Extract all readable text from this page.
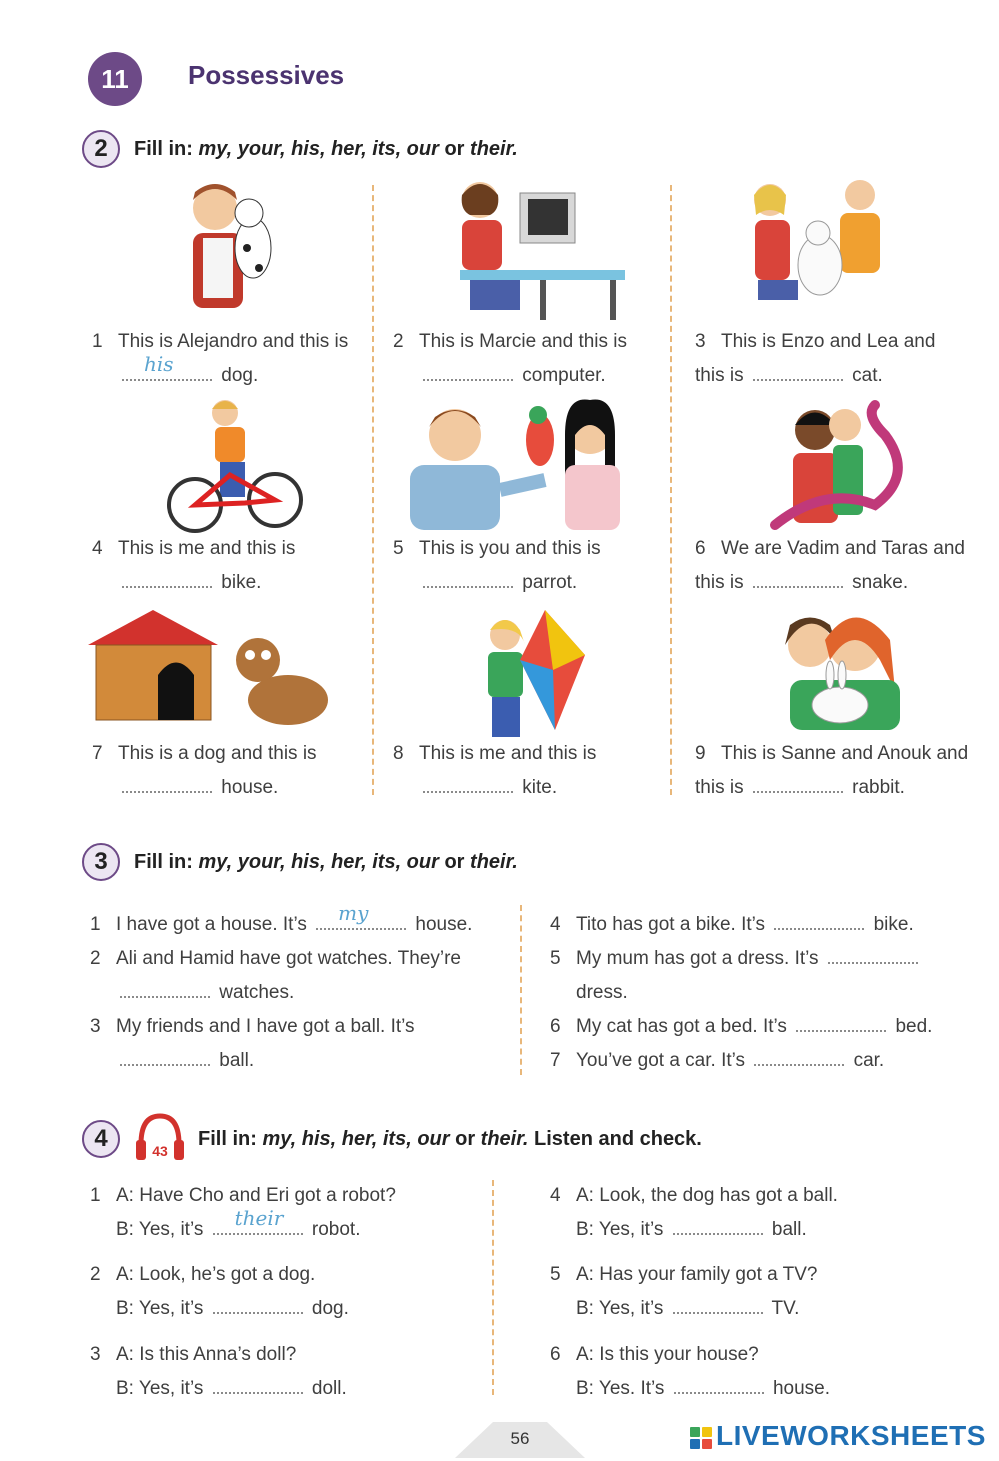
11	Possessives
2	Fill in: my, your, his, her, its, our or their.
1 This is Alejandro and this is

his	dog.
2 This is Marcie and this is

computer.
3 This is Enzo and Lea and this is	cat.
4 This is me and this is

bike.
5 This is you and this is

parrot.
6 We are Vadim and Taras and this is	snake.
7 This is a dog and this is

house.
8 This is me and this is

kite.
9 This is Sanne and Anouk and this is	rabbit.
3	Fill in: my, your, his, her, its, our or their.
1 I have got a house. It’s my house.
2 Ali and Hamid have got watches. They’re

watches.
3 My friends and I have got a ball. It’s

ball.
4 Tito has got a bike. It’s	bike.
5 My mum has got a dress. It’s

dress.
6 My cat has got a bed. It’s	bed.
7 You’ve got a car. It’s	car.
4	43
Fill in: my, his, her, its, our or their. Listen and check.
1 A: Have Cho and Eri got a robot?
B: Yes, it’s their robot.
2 A: Look, he’s got a dog.
B: Yes, it’s	dog.
3 A: Is this Anna’s doll?
B: Yes, it’s	doll.
4 A: Look, the dog has got a ball.
B: Yes, it’s	ball.
5 A: Has your family got a TV?
B: Yes, it’s	TV.
6 A: Is this your house?
B: Yes. It’s	house.
56	LIVEWORKSHEETS
